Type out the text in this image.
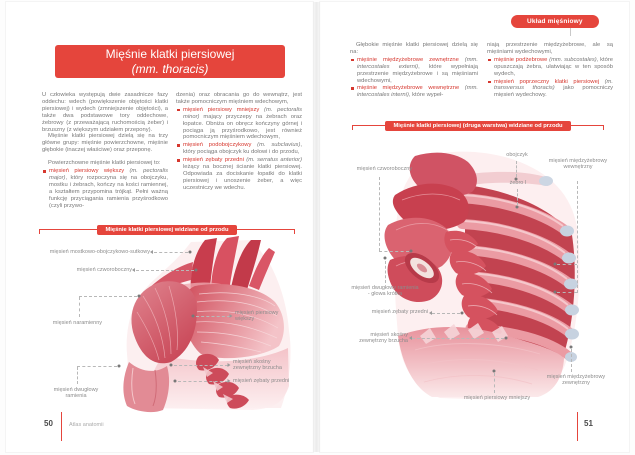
Układ mięśniowy
Mięśnie klatki piersiowej
(mm. thoracis)

U człowieka występują dwie zasadnicze fazy oddechu: wdech (powiększenie objętości klatki piersiowej) i wydech (zmniejszenie objętości), a także dwa podstawowe tory oddechowe, żebrowy (z przeważającą ruchomością żeber) i brzuszny (z większym udziałem przepony).

Mięśnie klatki piersiowej dzielą się na trzy główne grupy: mięśnie powierzchowne, mięśnie głębokie (inaczej właściwe) oraz przeponę.

Powierzchowne mięśnie klatki piersiowej to:

mięsień piersiowy większy (m. pectoralis major), który rozpoczyna się na obojczyku, mostku i żebrach, kończy na kości ramiennej, a kształtem przypomina trójkąt. Pełni ważną funkcję przyciągania ramienia przyśrodkowo (czyli przywo-

dzenia) oraz obracania go do wewnątrz, jest także pomocniczym mięśniem wdechowym,

mięsień piersiowy mniejszy (m. pectoralis minor) mający przyczepy na żebrach oraz łopatce. Obniża on obręcz kończyny górnej i pociąga ją przyśrodkowo, jest również pomocniczym mięśniem wdechowym,
mięsień podobojczykowy (m. subclavius), który pociąga obojczyk ku dołowi i do przodu,
mięsień zębaty przedni (m. serratus anterior) leżący na bocznej ścianie klatki piersiowej. Odpowiada za dociskanie łopatki do klatki piersiowej i unoszenie żeber, a więc uczestniczy we wdechu.

Głębokie mięśnie klatki piersiowej dzielą się na:

mięśnie międzyżebrowe zewnętrzne (mm. intercostales externi), które wypełniają przestrzenie międzyżebrowe i są mięśniami wdechowymi,
mięśnie międzyżebrowe wewnętrzne (mm. intercostales interni), które wypeł-

niają przestrzenie międzyżebrowe, ale są mięśniami wydechowymi,

mięśnie podżebrowe (mm. subcostales), które opuszczają żebra, ułatwiając w ten sposób wydech,
mięsień poprzeczny klatki piersiowej (m. transversus thoracis) jako pomocniczy mięsień wydechowy.
Mięśnie klatki piersiowej widziane od przodu
Mięśnie klatki piersiowej (druga warstwa) widziane od przodu
mięsień mostkowo-obojczykowo-sutkowy
mięsień czworoboczny
mięsień naramienny
mięsień dwugłowy ramienia
mięsień piersiowy większy
mięsień skośny zewnętrzny brzucha
mięsień zębaty przedni
mięsień czworoboczny
obojczyk
żebro I
mięsień międzyżebrowy wewnętrzny
mięsień dwugłowy ramienia - głowa krótka
mięsień zębaty przedni
mięsień skośny zewnętrzny brzucha
mięsień piersiowy mniejszy
mięsień międzyżebrowy zewnętrzny
50	Atlas anatomii	51
